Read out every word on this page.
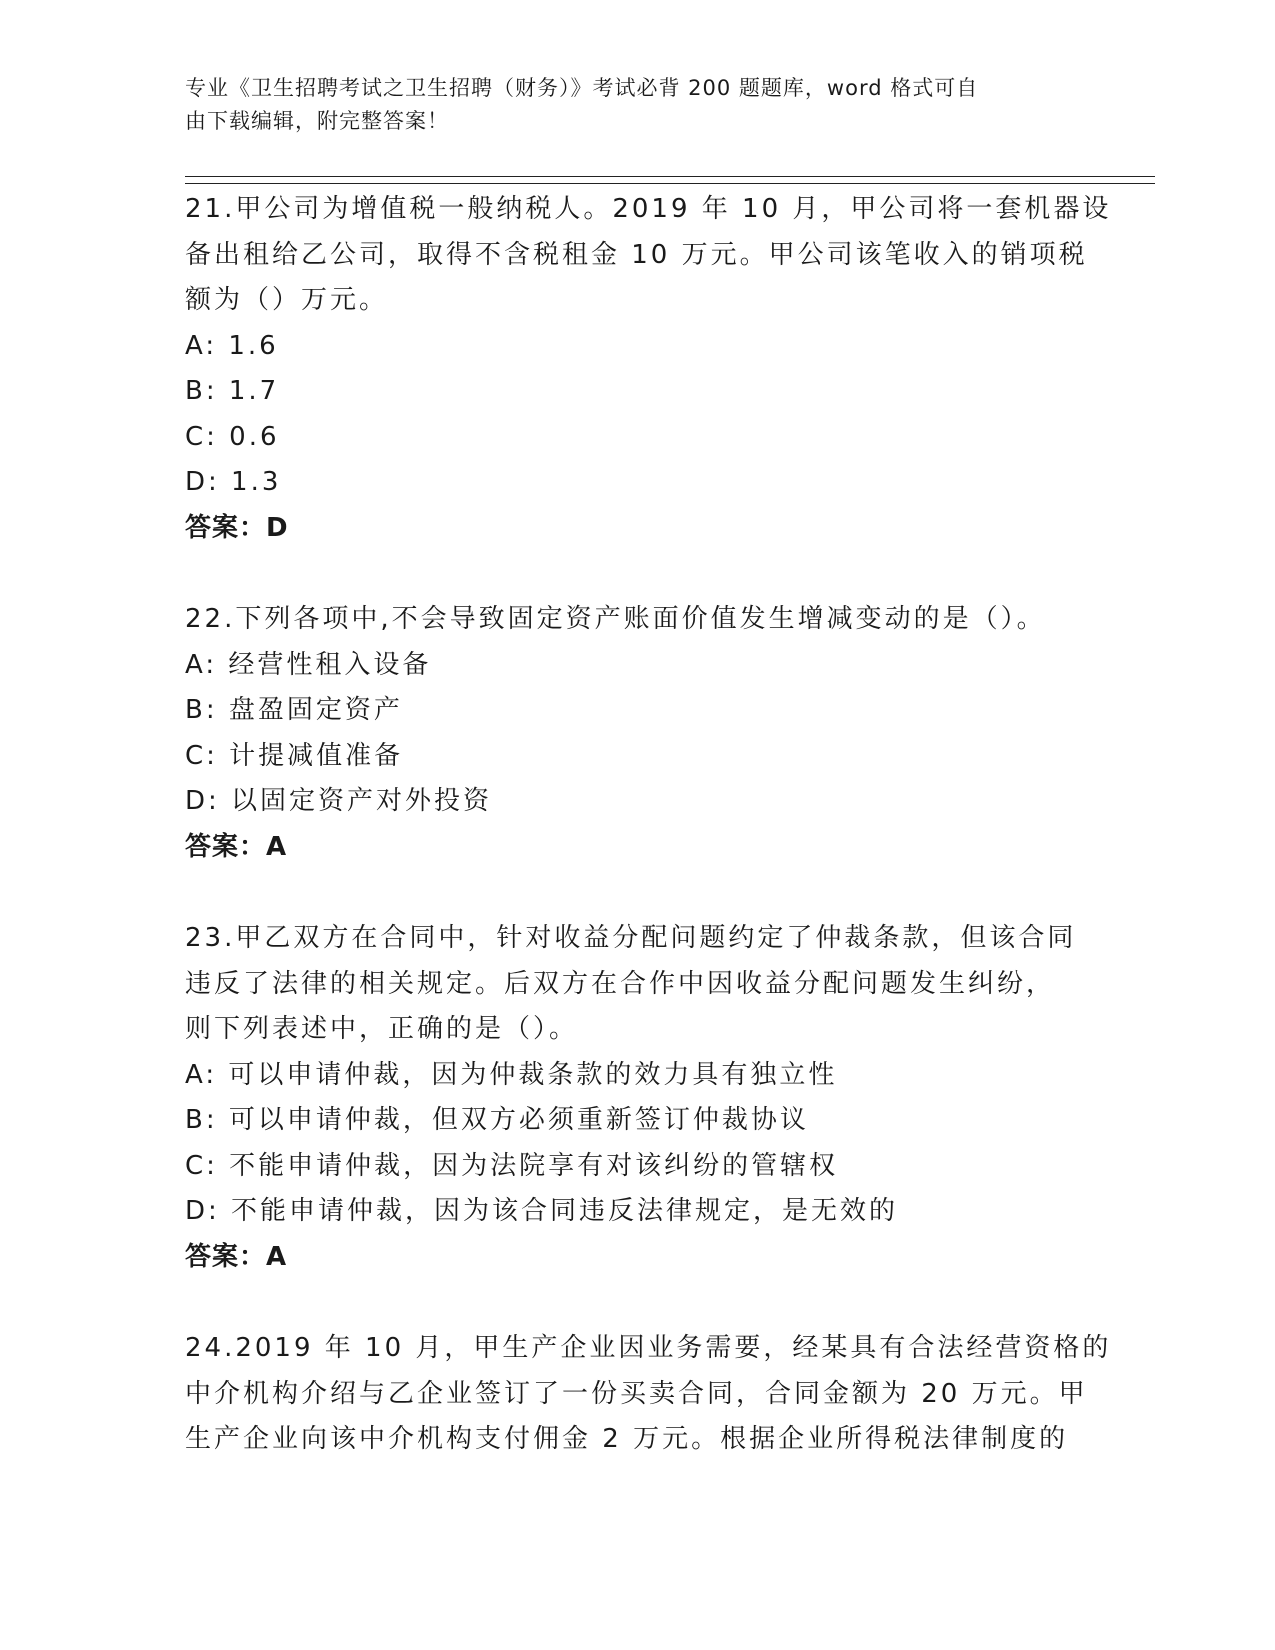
专业《卫生招聘考试之卫生招聘（财务）》考试必背 200 题题库，word 格式可自
由下载编辑，附完整答案！
21.甲公司为增值税一般纳税人。2019 年 10 月，甲公司将一套机器设
备出租给乙公司，取得不含税租金 10 万元。甲公司该笔收入的销项税
额为（）万元。
A: 1.6
B: 1.7
C: 0.6
D: 1.3
答案：D
22.下列各项中,不会导致固定资产账面价值发生增减变动的是（）。
A: 经营性租入设备
B: 盘盈固定资产
C: 计提减值准备
D: 以固定资产对外投资
答案：A
23.甲乙双方在合同中，针对收益分配问题约定了仲裁条款，但该合同
违反了法律的相关规定。后双方在合作中因收益分配问题发生纠纷，
则下列表述中，正确的是（）。
A: 可以申请仲裁，因为仲裁条款的效力具有独立性
B: 可以申请仲裁，但双方必须重新签订仲裁协议
C: 不能申请仲裁，因为法院享有对该纠纷的管辖权
D: 不能申请仲裁，因为该合同违反法律规定，是无效的
答案：A
24.2019 年 10 月，甲生产企业因业务需要，经某具有合法经营资格的
中介机构介绍与乙企业签订了一份买卖合同，合同金额为 20 万元。甲
生产企业向该中介机构支付佣金 2 万元。根据企业所得税法律制度的
